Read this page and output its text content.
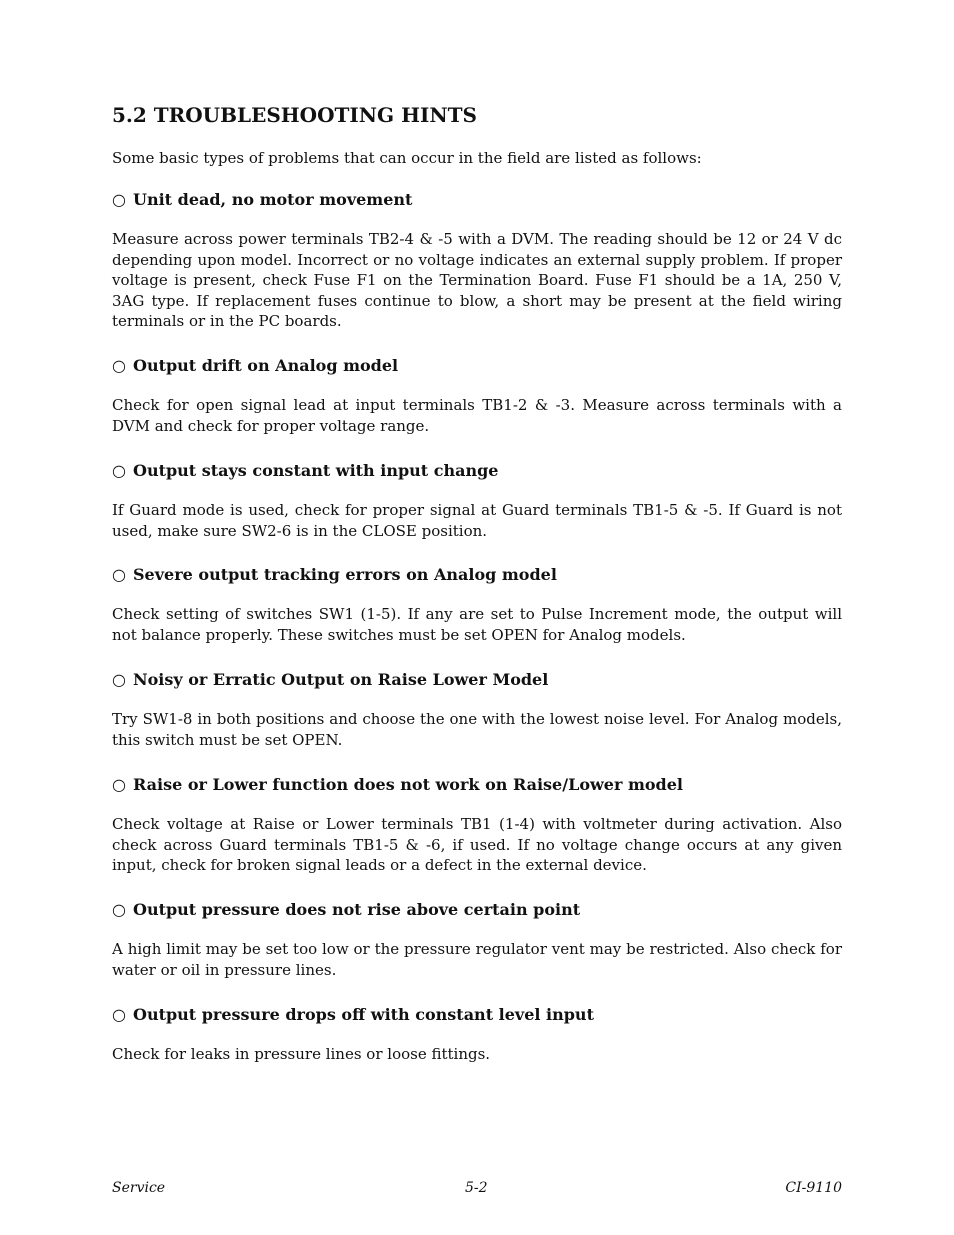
5.2 TROUBLESHOOTING HINTS

Some basic types of problems that can occur in the field are listed as follows:

○ Unit dead, no motor movement

Measure across power terminals TB2-4 & -5 with a DVM. The reading should be 12 or 24 V dc depending upon model. Incorrect or no voltage indicates an external supply problem. If proper voltage is present, check Fuse F1 on the Termination Board. Fuse F1 should be a 1A, 250 V, 3AG type. If replacement fuses continue to blow, a short may be present at the field wiring terminals or in the PC boards.

○ Output drift on Analog model

Check for open signal lead at input terminals TB1-2 & -3. Measure across terminals with a DVM and check for proper voltage range.

○ Output stays constant with input change

If Guard mode is used, check for proper signal at Guard terminals TB1-5 & -5. If Guard is not used, make sure SW2-6 is in the CLOSE position.

○ Severe output tracking errors on Analog model

Check setting of switches SW1 (1-5). If any are set to Pulse Increment mode, the output will not balance properly. These switches must be set OPEN for Analog models.

○ Noisy or Erratic Output on Raise Lower Model

Try SW1-8 in both positions and choose the one with the lowest noise level. For Analog models, this switch must be set OPEN.

○ Raise or Lower function does not work on Raise/Lower model

Check voltage at Raise or Lower terminals TB1 (1-4) with voltmeter during activation. Also check across Guard terminals TB1-5 & -6, if used. If no voltage change occurs at any given input, check for broken signal leads or a defect in the external device.

○ Output pressure does not rise above certain point

A high limit may be set too low or the pressure regulator vent may be restricted. Also check for water or oil in pressure lines.

○ Output pressure drops off with constant level input

Check for leaks in pressure lines or loose fittings.

Service	5-2	CI-9110
